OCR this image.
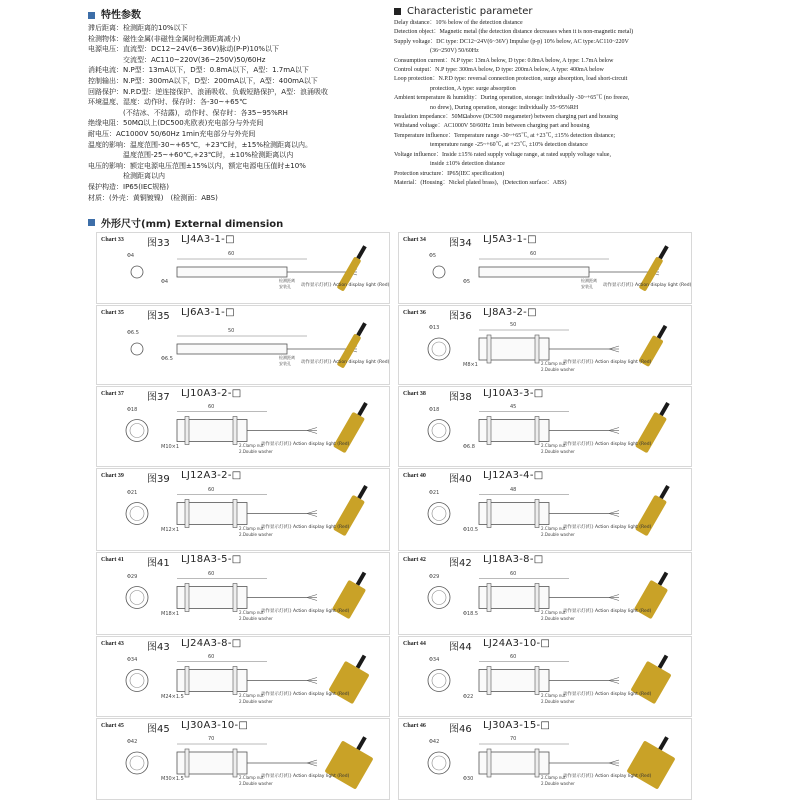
特性参数
滞后距离：检测距离的10%以下
检测物体：磁性金属(非磁性金属时检测距离减小)
电源电压：直流型：DC12~24V(6~36V)脉动(P-P)10%以下
　　　　　交流型：AC110~220V(36~250V)50/60Hz
消耗电流：N.P型：13mA以下，D型：0.8mA以下，A型：1.7mA以下
控制输出：N.P型：300mA以下，D型：200mA以下，A型：400mA以下
回路保护：N.P.D型：逆连接保护、浪涌吸收、负载短路保护，A型：浪涌吸收
环境温度、湿度：动作时、保存时：各-30~+65℃
　　　　　(不结冰、不结露)，动作时、保存时：各35~95%RH
绝缘电阻：50MΩ以上(DC500兆欧表)充电部分与外壳间
耐电压：AC1000V 50/60Hz 1min充电部分与外壳间
温度的影响：温度范围-30~+65℃，+23℃时，±15%检测距离以内。
　　　　　温度范围-25~+60℃,+23℃时，±10%检测距离以内
电压的影响：额定电源电压范围±15%以内，额定电源电压值时±10%
　　　　　检测距离以内
保护构造：IP65(IEC规格)
材质：(外壳：黄铜镀镍)　(检测面：ABS)
Characteristic parameter
Delay distance：10% below of the detection distance
Detection object：Magnetic metal (the detection distance decreases when it is non-magnetic metal)
Supply voltage：DC type: DC12~24V(6~36V) Impulse (p-p) 10% below, AC type:AC110~220V
　　　　　　(36~250V) 50/60Hz
Consumption current：N.P type: 13mA below, D type: 0.8mA below, A type: 1.7mA below
Control output：N.P type: 300mA below, D type: 200mA below, A type: 400mA below
Loop protection：N.P.D type: reversal connection protection, surge absorption, load short-circuit
　　　　　　protection, A type: surge absorption
Ambient temperature & humidity：During operation, storage: individually -30~+65℃ (no freeze,
　　　　　　no drew), During operation, storage: individually 35~95%RH
Insulation impedance：50MΩabove (DC500 megameter) between charging part and housing
Withstand voltage：AC1000V 50/60Hz 1min between charging part and housing
Temperature influence：Temperature range -30~+65℃, at +23℃, ±15% detection distance;
　　　　　　temperature range -25~+60℃, at +23℃, ±10% detection distance
Voltage influence：Inside ±15% rated supply voltage range, at rated supply voltage value,
　　　　　　inside ±10% detection distance
Protection structure：IP65(IEC specification)
Material：(Housing：Nickel plated brass)，(Detection surface：ABS)
外形尺寸(mm) External dimension
Chart 33 图33 LJ4A3-1-□
Φ4	60
Φ4	检测距离
安装孔 动作显示灯(红) Action display light (Red)
Chart 34 图34 LJ5A3-1-□
Φ5	60
Φ5	检测距离
安装孔 动作显示灯(红) Action display light (Red)
Chart 35 图35 LJ6A3-1-□
Φ6.5	50
Φ6.5	检测距离
安装孔 动作显示灯(红) Action display light (Red)
Chart 36 图36 LJ8A3-2-□
Φ13	50
M8×1	2.Clamp nut
2.Double washer
动作显示灯(红) Action display light (Red)
Chart 37 图37 LJ10A3-2-□
Φ18	60
M10×1	2.Clamp nut
2.Double washer
动作显示灯(红) Action display light (Red)
Chart 38 图38 LJ10A3-3-□
Φ18	45
Φ6.8	2.Clamp nut
2.Double washer
动作显示灯(红) Action display light (Red)
Chart 39 图39 LJ12A3-2-□
Φ21	60
M12×1	2.Clamp nut
2.Double washer
动作显示灯(红) Action display light (Red)
Chart 40 图40 LJ12A3-4-□
Φ21	48
Φ10.5	2.Clamp nut
2.Double washer
动作显示灯(红) Action display light (Red)
Chart 41 图41 LJ18A3-5-□
Φ29	60
M18×1	2.Clamp nut
2.Double washer
动作显示灯(红) Action display light (Red)
Chart 42 图42 LJ18A3-8-□
Φ29	60
Φ18.5	2.Clamp nut
2.Double washer
动作显示灯(红) Action display light (Red)
Chart 43 图43 LJ24A3-8-□
Φ34	60
M24×1.5	2.Clamp nut
2.Double washer
动作显示灯(红) Action display light (Red)
Chart 44 图44 LJ24A3-10-□
Φ34	60
Φ22	2.Clamp nut
2.Double washer
动作显示灯(红) Action display light (Red)
Chart 45 图45 LJ30A3-10-□
Φ42	70
M30×1.5	2.Clamp nut
2.Double washer
动作显示灯(红) Action display light (Red)
Chart 46 图46 LJ30A3-15-□
Φ42	70
Φ30	2.Clamp nut
2.Double washer
动作显示灯(红) Action display light (Red)
